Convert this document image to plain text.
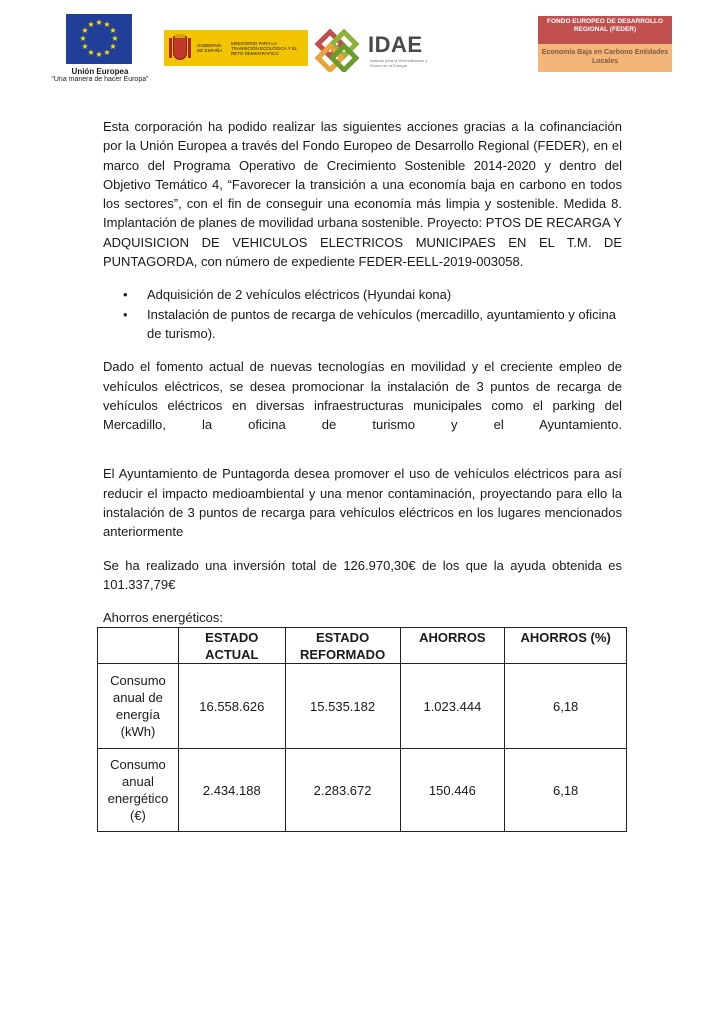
★ ★
★
★
★
★
★
★
★
★
★
★
Unión Europea
“Una manera de hacer Europa”
GOBIERNO DE ESPAÑA
MINISTERIO PARA LA TRANSICIÓN ECOLÓGICA Y EL RETO DEMOGRÁFICO	IDAE
Instituto para la Diversificación y Ahorro de la Energía
FONDO EUROPEO DE DESARROLLO REGIONAL (FEDER)
Economía Baja en Carbono Entidades Locales

Esta corporación ha podido realizar las siguientes acciones gracias a la cofinanciación por la Unión Europea a través del Fondo Europeo de Desarrollo Regional (FEDER), en el marco del Programa Operativo de Crecimiento Sostenible 2014-2020 y dentro del Objetivo Temático 4, “Favorecer la transición a una economía baja en carbono en todos los sectores”, con el fin de conseguir una economía más limpia y sostenible. Medida 8. Implantación de planes de movilidad urbana sostenible. Proyecto: PTOS DE RECARGA Y ADQUISICION DE VEHICULOS ELECTRICOS MUNICIPAES EN EL T.M. DE PUNTAGORDA, con número de expediente FEDER-EELL-2019-003058.

• Adquisición de 2 vehículos eléctricos (Hyundai kona)
• Instalación de puntos de recarga de vehículos (mercadillo, ayuntamiento y oficina de turismo).

Dado el fomento actual de nuevas tecnologías en movilidad y el creciente empleo de vehículos eléctricos, se desea promocionar la instalación de 3 puntos de recarga de vehículos eléctricos en diversas infraestructuras municipales como el parking del Mercadillo, la oficina de turismo y el Ayuntamiento.

El Ayuntamiento de Puntagorda desea promover el uso de vehículos eléctricos para así reducir el impacto medioambiental y una menor contaminación, proyectando para ello la instalación de 3 puntos de recarga para vehículos eléctricos en los lugares mencionados anteriormente

Se ha realizado una inversión total de 126.970,30€ de los que la ayuda obtenida es 101.337,79€

Ahorros energéticos:

	ESTADO ACTUAL	ESTADO REFORMADO	AHORROS	AHORROS (%)
Consumo anual de energía (kWh)	16.558.626	15.535.182	1.023.444	6,18
Consumo anual energético (€)	2.434.188	2.283.672	150.446	6,18
